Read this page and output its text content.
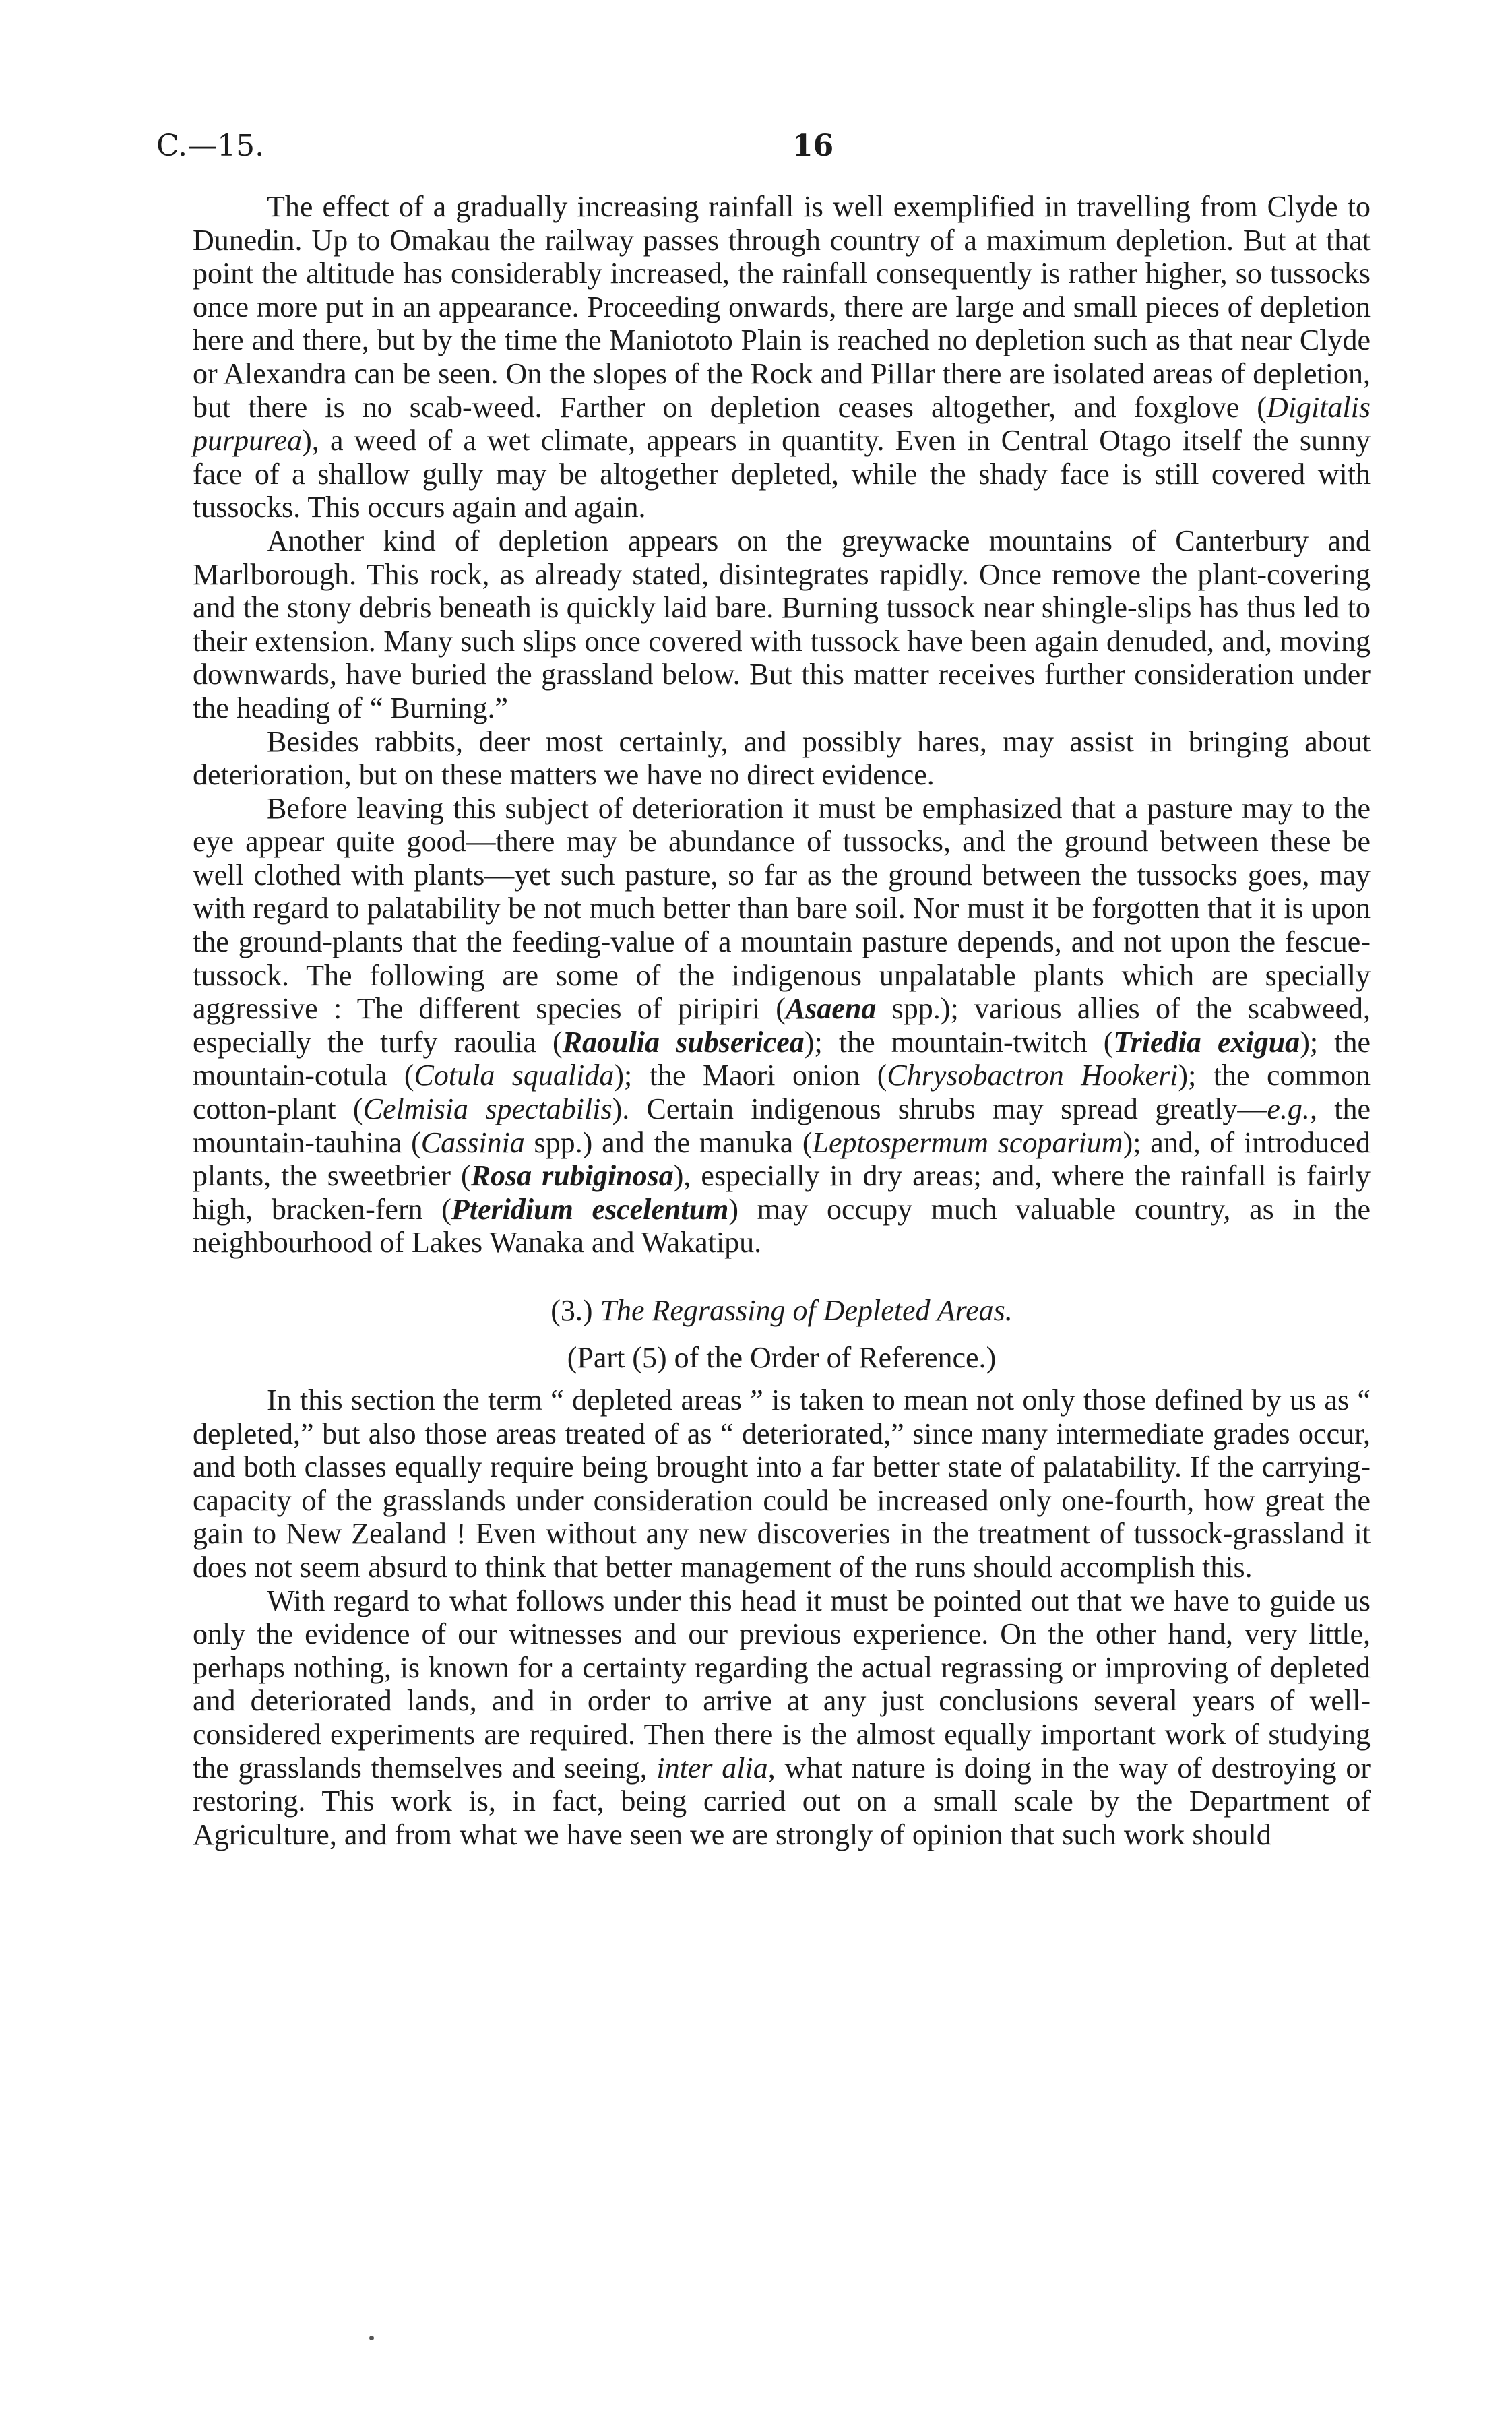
C.—15.	16

The effect of a gradually increasing rainfall is well exemplified in travelling from Clyde to Dunedin. Up to Omakau the railway passes through country of a maximum depletion. But at that point the altitude has considerably increased, the rainfall consequently is rather higher, so tussocks once more put in an appearance. Proceeding onwards, there are large and small pieces of depletion here and there, but by the time the Maniototo Plain is reached no depletion such as that near Clyde or Alexandra can be seen. On the slopes of the Rock and Pillar there are isolated areas of depletion, but there is no scab-weed. Farther on depletion ceases altogether, and foxglove (Digitalis purpurea), a weed of a wet climate, appears in quantity. Even in Central Otago itself the sunny face of a shallow gully may be altogether depleted, while the shady face is still covered with tussocks. This occurs again and again.

Another kind of depletion appears on the greywacke mountains of Canterbury and Marlborough. This rock, as already stated, disintegrates rapidly. Once remove the plant-covering and the stony debris beneath is quickly laid bare. Burning tussock near shingle-slips has thus led to their extension. Many such slips once covered with tussock have been again denuded, and, moving downwards, have buried the grassland below. But this matter receives further consideration under the heading of “ Burning.”

Besides rabbits, deer most certainly, and possibly hares, may assist in bringing about deterioration, but on these matters we have no direct evidence.

Before leaving this subject of deterioration it must be emphasized that a pasture may to the eye appear quite good—there may be abundance of tussocks, and the ground between these be well clothed with plants—yet such pasture, so far as the ground between the tussocks goes, may with regard to palatability be not much better than bare soil. Nor must it be forgotten that it is upon the ground-plants that the feeding-value of a mountain pasture depends, and not upon the fescue-tussock. The following are some of the indigenous unpalatable plants which are specially aggressive : The different species of piripiri (Asaena spp.); various allies of the scabweed, especially the turfy raoulia (Raoulia subsericea); the mountain-twitch (Triedia exigua); the mountain-cotula (Cotula squalida); the Maori onion (Chrysobactron Hookeri); the common cotton-plant (Celmisia spectabilis). Certain indigenous shrubs may spread greatly—e.g., the mountain-tauhina (Cassinia spp.) and the manuka (Leptospermum scoparium); and, of introduced plants, the sweetbrier (Rosa rubiginosa), especially in dry areas; and, where the rainfall is fairly high, bracken-fern (Pteridium escelentum) may occupy much valuable country, as in the neighbourhood of Lakes Wanaka and Wakatipu.

(3.) The Regrassing of Depleted Areas.

(Part (5) of the Order of Reference.)

In this section the term “ depleted areas ” is taken to mean not only those defined by us as “ depleted,” but also those areas treated of as “ deteriorated,” since many intermediate grades occur, and both classes equally require being brought into a far better state of palatability. If the carrying-capacity of the grasslands under consideration could be increased only one-fourth, how great the gain to New Zealand ! Even without any new discoveries in the treatment of tussock-grassland it does not seem absurd to think that better management of the runs should accomplish this.

With regard to what follows under this head it must be pointed out that we have to guide us only the evidence of our witnesses and our previous experience. On the other hand, very little, perhaps nothing, is known for a certainty regarding the actual regrassing or improving of depleted and deteriorated lands, and in order to arrive at any just conclusions several years of well-considered experiments are required. Then there is the almost equally important work of studying the grasslands themselves and seeing, inter alia, what nature is doing in the way of destroying or restoring. This work is, in fact, being carried out on a small scale by the Department of Agriculture, and from what we have seen we are strongly of opinion that such work should
